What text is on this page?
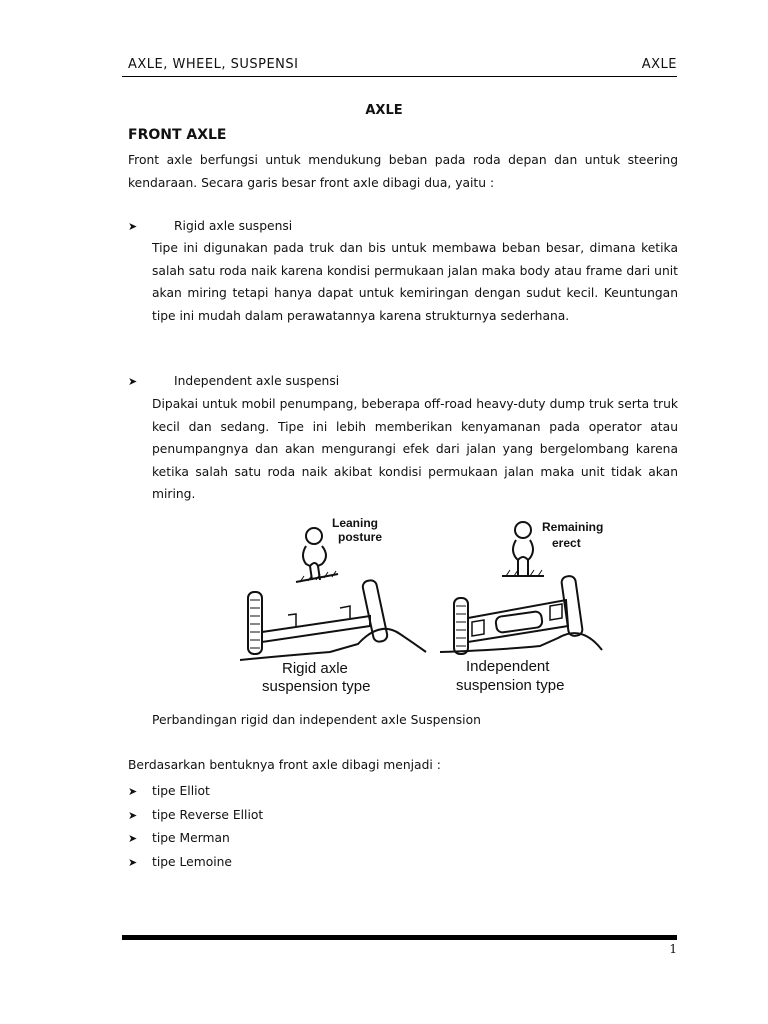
AXLE, WHEEL, SUSPENSI	AXLE
AXLE
FRONT AXLE
Front axle berfungsi untuk mendukung beban pada roda depan dan untuk steering kendaraan. Secara garis besar front axle dibagi dua, yaitu :
➤	Rigid axle suspensi
Tipe ini digunakan pada truk dan bis untuk membawa beban besar, dimana ketika salah satu roda naik karena kondisi permukaan jalan maka body atau frame dari unit akan miring tetapi hanya dapat untuk kemiringan dengan sudut kecil. Keuntungan tipe ini mudah dalam perawatannya karena strukturnya sederhana.
➤	Independent axle suspensi
Dipakai untuk mobil penumpang, beberapa off-road heavy-duty dump truk serta truk kecil dan sedang. Tipe ini lebih memberikan kenyamanan pada operator atau penumpangnya dan akan mengurangi efek dari jalan yang bergelombang karena ketika salah satu roda naik akibat kondisi permukaan jalan maka unit tidak akan miring.
Leaning
posture
Rigid axle
suspension type
Remaining
erect
Independent
suspension type
Perbandingan rigid dan independent axle Suspension
Berdasarkan bentuknya front axle dibagi menjadi :
➤ tipe Elliot
➤ tipe Reverse Elliot
➤ tipe Merman
➤ tipe Lemoine
1
